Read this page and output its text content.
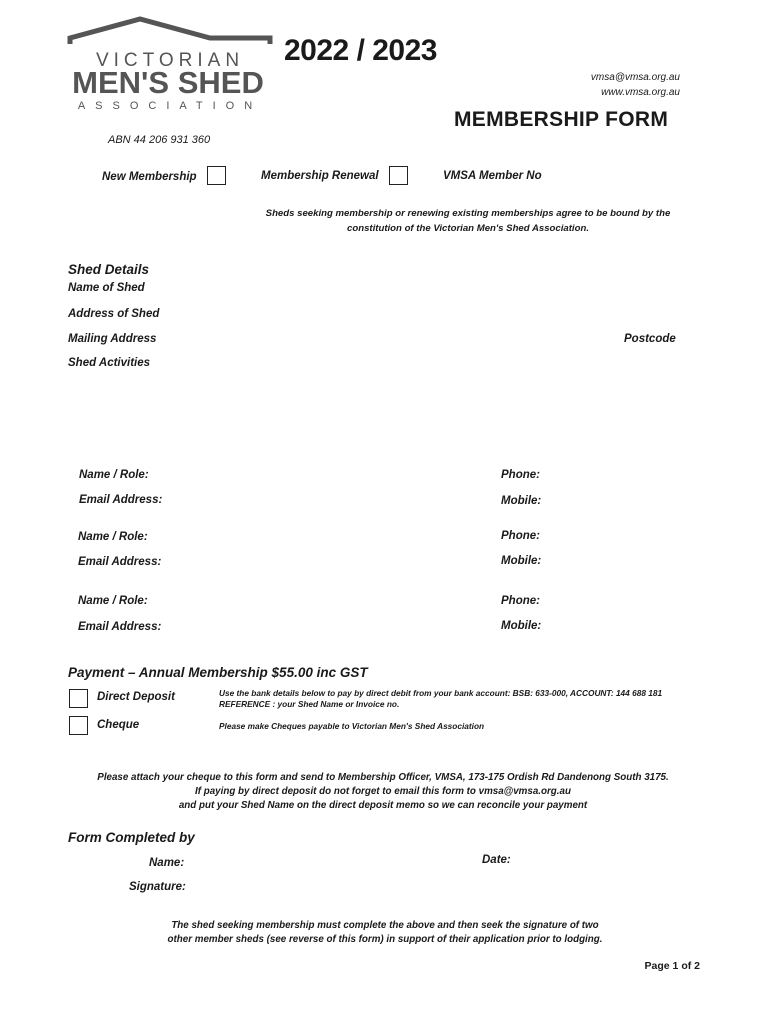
VICTORIAN
MEN'S SHED
ASSOCIATION
2022 / 2023
vmsa@vmsa.org.au
www.vmsa.org.au
MEMBERSHIP FORM
ABN 44 206 931 360
New Membership	Membership Renewal	VMSA Member No
Sheds seeking membership or renewing existing memberships agree to be bound by the
constitution of the Victorian Men's Shed Association.
Shed Details
Name of Shed
Address of Shed
Mailing Address	Postcode
Shed Activities
Name / Role:	Phone:
Email Address:	Mobile:
Name / Role:	Phone:
Email Address:	Mobile:
Name / Role:	Phone:
Email Address:	Mobile:
Payment – Annual Membership $55.00 inc GST
Direct Deposit	Use the bank details below to pay by direct debit from your bank account: BSB: 633-000, ACCOUNT: 144 688 181
REFERENCE : your Shed Name or Invoice no.
Cheque	Please make Cheques payable to Victorian Men's Shed Association
Please attach your cheque to this form and send to Membership Officer, VMSA, 173-175 Ordish Rd Dandenong South 3175.
If paying by direct deposit do not forget to email this form to vmsa@vmsa.org.au
and put your Shed Name on the direct deposit memo so we can reconcile your payment
Form Completed by
Name:	Date:
Signature:
The shed seeking membership must complete the above and then seek the signature of two
other member sheds (see reverse of this form) in support of their application prior to lodging.
Page 1 of 2
